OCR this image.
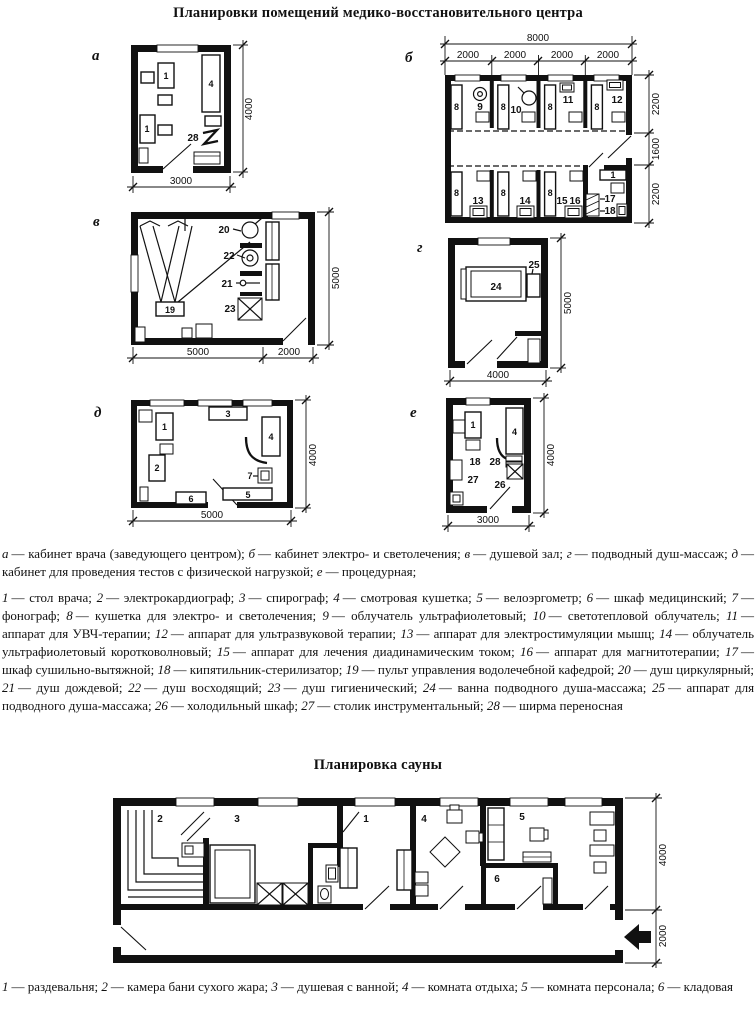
Планировки помещений медико-восстановительного центра
а
1
1
4
28
3000
4000
б
8000
2000 2000 2000 2000
8	8	8	8
9	10
11	12
8	8	8
13	14	15 16
1
17
18
2200
1600
2200
в
19
20
22
21
23
5000	2000
5000
г
24
25
4000
5000
д
1
2
3
4
5
6
7
5000
4000
е
1
4
18 28
26
27
3000
4000
а — кабинет врача (заведующего центром); б — кабинет электро- и светолечения; в — душевой зал; г — подводный душ-массаж; д — кабинет для проведения тестов с физической нагрузкой; е — процедурная;
1 — стол врача; 2 — электрокардиограф; 3 — спирограф; 4 — смотровая кушетка; 5 — велоэргометр; 6 — шкаф медицинский; 7 — фонограф; 8 — кушетка для электро- и светолечения; 9 — облучатель ультрафиолетовый; 10 — светотепловой облучатель; 11 — аппарат для УВЧ-терапии; 12 — аппарат для ультразвуковой терапии; 13 — аппарат для электростимуляции мышц; 14 — облучатель ультрафиолетовый коротковолновый; 15 — аппарат для лечения диадинамическим током; 16 — аппарат для магнитотерапии; 17 — шкаф сушильно-вытяжной; 18 — кипятильник-стерилизатор; 19 — пульт управления водолечебной кафедрой; 20 — душ циркулярный; 21 — душ дождевой; 22 — душ восходящий; 23 — душ гигиенический; 24 — ванна подводного душа-массажа; 25 — аппарат для подводного душа-массажа; 26 — холодильный шкаф; 27 — столик инструментальный; 28 — ширма переносная
Планировка сауны
2	3	1	4	5
6
4000
2000
1 — раздевальня; 2 — камера бани сухого жара; 3 — душевая с ванной; 4 — комната отдыха; 5 — комната персонала; 6 — кладовая
